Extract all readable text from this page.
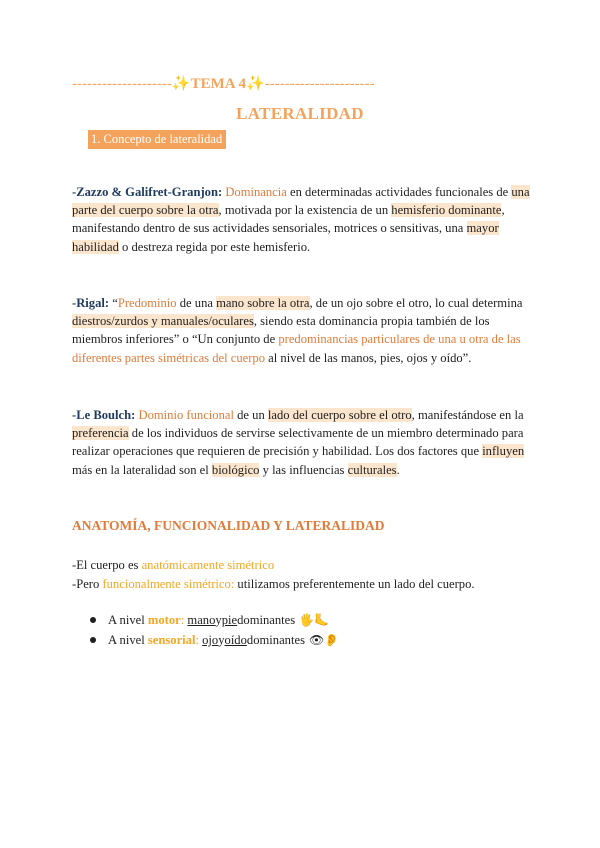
--------------------✨TEMA 4✨----------------------
LATERALIDAD
1. Concepto de lateralidad

-Zazzo & Galifret-Granjon: Dominancia en determinadas actividades funcionales de una parte del cuerpo sobre la otra, motivada por la existencia de un hemisferio dominante, manifestando dentro de sus actividades sensoriales, motrices o sensitivas, una mayor habilidad o destreza regida por este hemisferio.

-Rigal: “Predominio de una mano sobre la otra, de un ojo sobre el otro, lo cual determina diestros/zurdos y manuales/oculares, siendo esta dominancia propia también de los miembros inferiores” o “Un conjunto de predominancias particulares de una u otra de las diferentes partes simétricas del cuerpo al nivel de las manos, pies, ojos y oído”.

-Le Boulch: Dominio funcional de un lado del cuerpo sobre el otro, manifestándose en la preferencia de los individuos de servirse selectivamente de un miembro determinado para realizar operaciones que requieren de precisión y habilidad. Los dos factores que influyen más en la lateralidad son el biológico y las influencias culturales.

ANATOMÍA, FUNCIONALIDAD Y LATERALIDAD
-El cuerpo es anatómicamente simétrico
-Pero funcionalmente simétrico: utilizamos preferentemente un lado del cuerpo.
A nivel
motor :
mano y pie dominantes 🖐🦶
A nivel
sensorial :
ojo y oído dominantes 👁👂
